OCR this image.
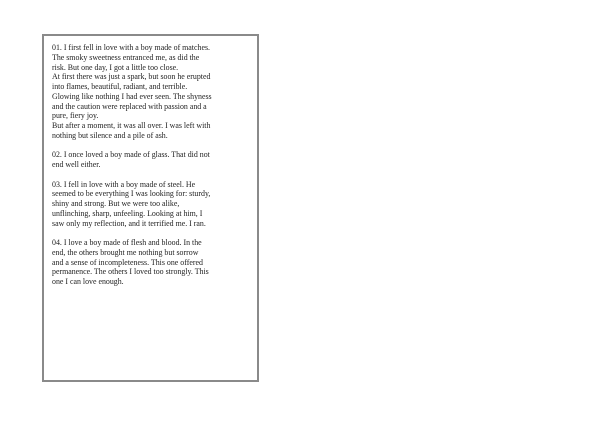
01. I first fell in love with a boy made of matches.
The smoky sweetness entranced me, as did the
risk. But one day, I got a little too close.
At first there was just a spark, but soon he erupted
into flames, beautiful, radiant, and terrible.
Glowing like nothing I had ever seen. The shyness
and the caution were replaced with passion and a
pure, fiery joy.
But after a moment, it was all over. I was left with
nothing but silence and a pile of ash.

02. I once loved a boy made of glass. That did not
end well either.

03. I fell in love with a boy made of steel. He
seemed to be everything I was looking for: sturdy,
shiny and strong. But we were too alike,
unflinching, sharp, unfeeling. Looking at him, I
saw only my reflection, and it terrified me. I ran.

04. I love a boy made of flesh and blood. In the
end, the others brought me nothing but sorrow
and a sense of incompleteness. This one offered
permanence. The others I loved too strongly. This
one I can love enough.
